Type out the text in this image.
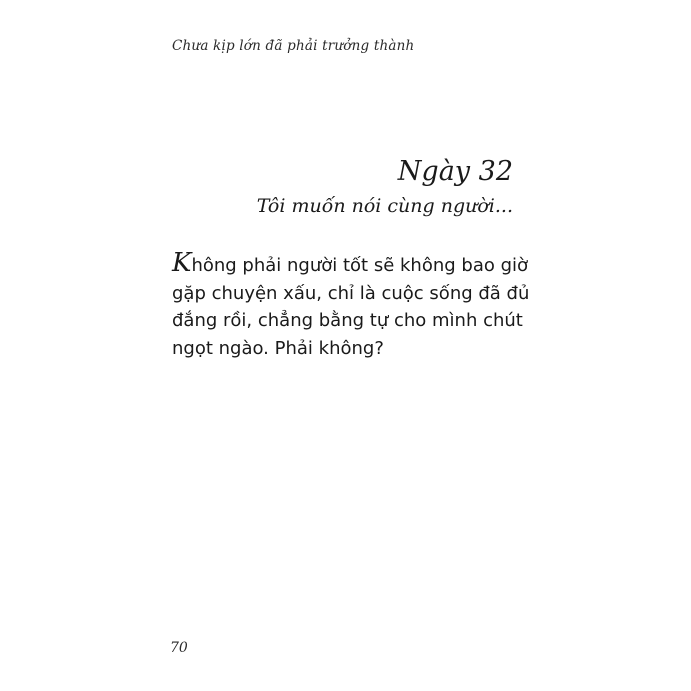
Chưa kịp lớn đã phải trưởng thành
Ngày 32
Tôi muốn nói cùng người...

Không phải người tốt sẽ không bao giờ
gặp chuyện xấu, chỉ là cuộc sống đã đủ
đắng rồi, chẳng bằng tự cho mình chút
ngọt ngào. Phải không?

70
